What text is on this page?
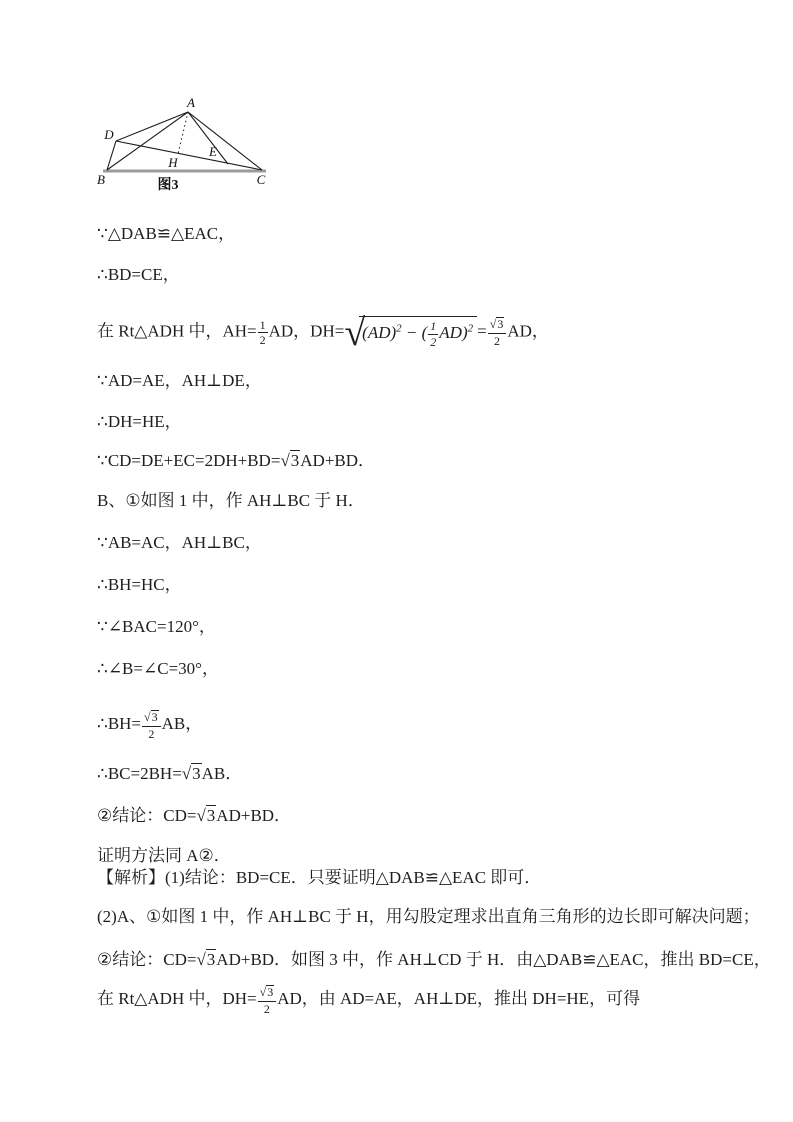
A
B	C
D
E
H
图3
∵△DAB≌△EAC，
∴BD=CE，
在 Rt△ADH 中，$AH= \frac{1}{2}$ AD，DH=√(AD)$^2$ − ( $\frac{1}{2} AD)^2 = \frac{√3}{2}$ AD，
∵AD=AE，AH⊥DE，
∴DH=HE，
∵CD=DE+EC=2DH+BD=√3AD+BD．
B、①如图 1 中，作 AH⊥BC 于 H．
∵AB=AC，AH⊥BC，
∴BH=HC，
∵∠BAC=120°，
∴∠B=∠C=30°，
∴BH= $\frac{√3}{2}$ AB，
∴BC=2BH=√3AB．
②结论：CD=√3AD+BD．
证明方法同 A②．
【解析】(1)结论：BD=CE．只要证明△DAB≌△EAC 即可．
(2)A、①如图 1 中，作 AH⊥BC 于 H，用勾股定理求出直角三角形的边长即可解决问题；
②结论：CD=√3AD+BD．如图 3 中，作 AH⊥CD 于 H．由△DAB≌△EAC，推出 BD=CE，
在 Rt△ADH 中，$DH= \frac{√3}{2}$ AD，由 AD=AE，AH⊥DE，推出 DH=HE，可得
